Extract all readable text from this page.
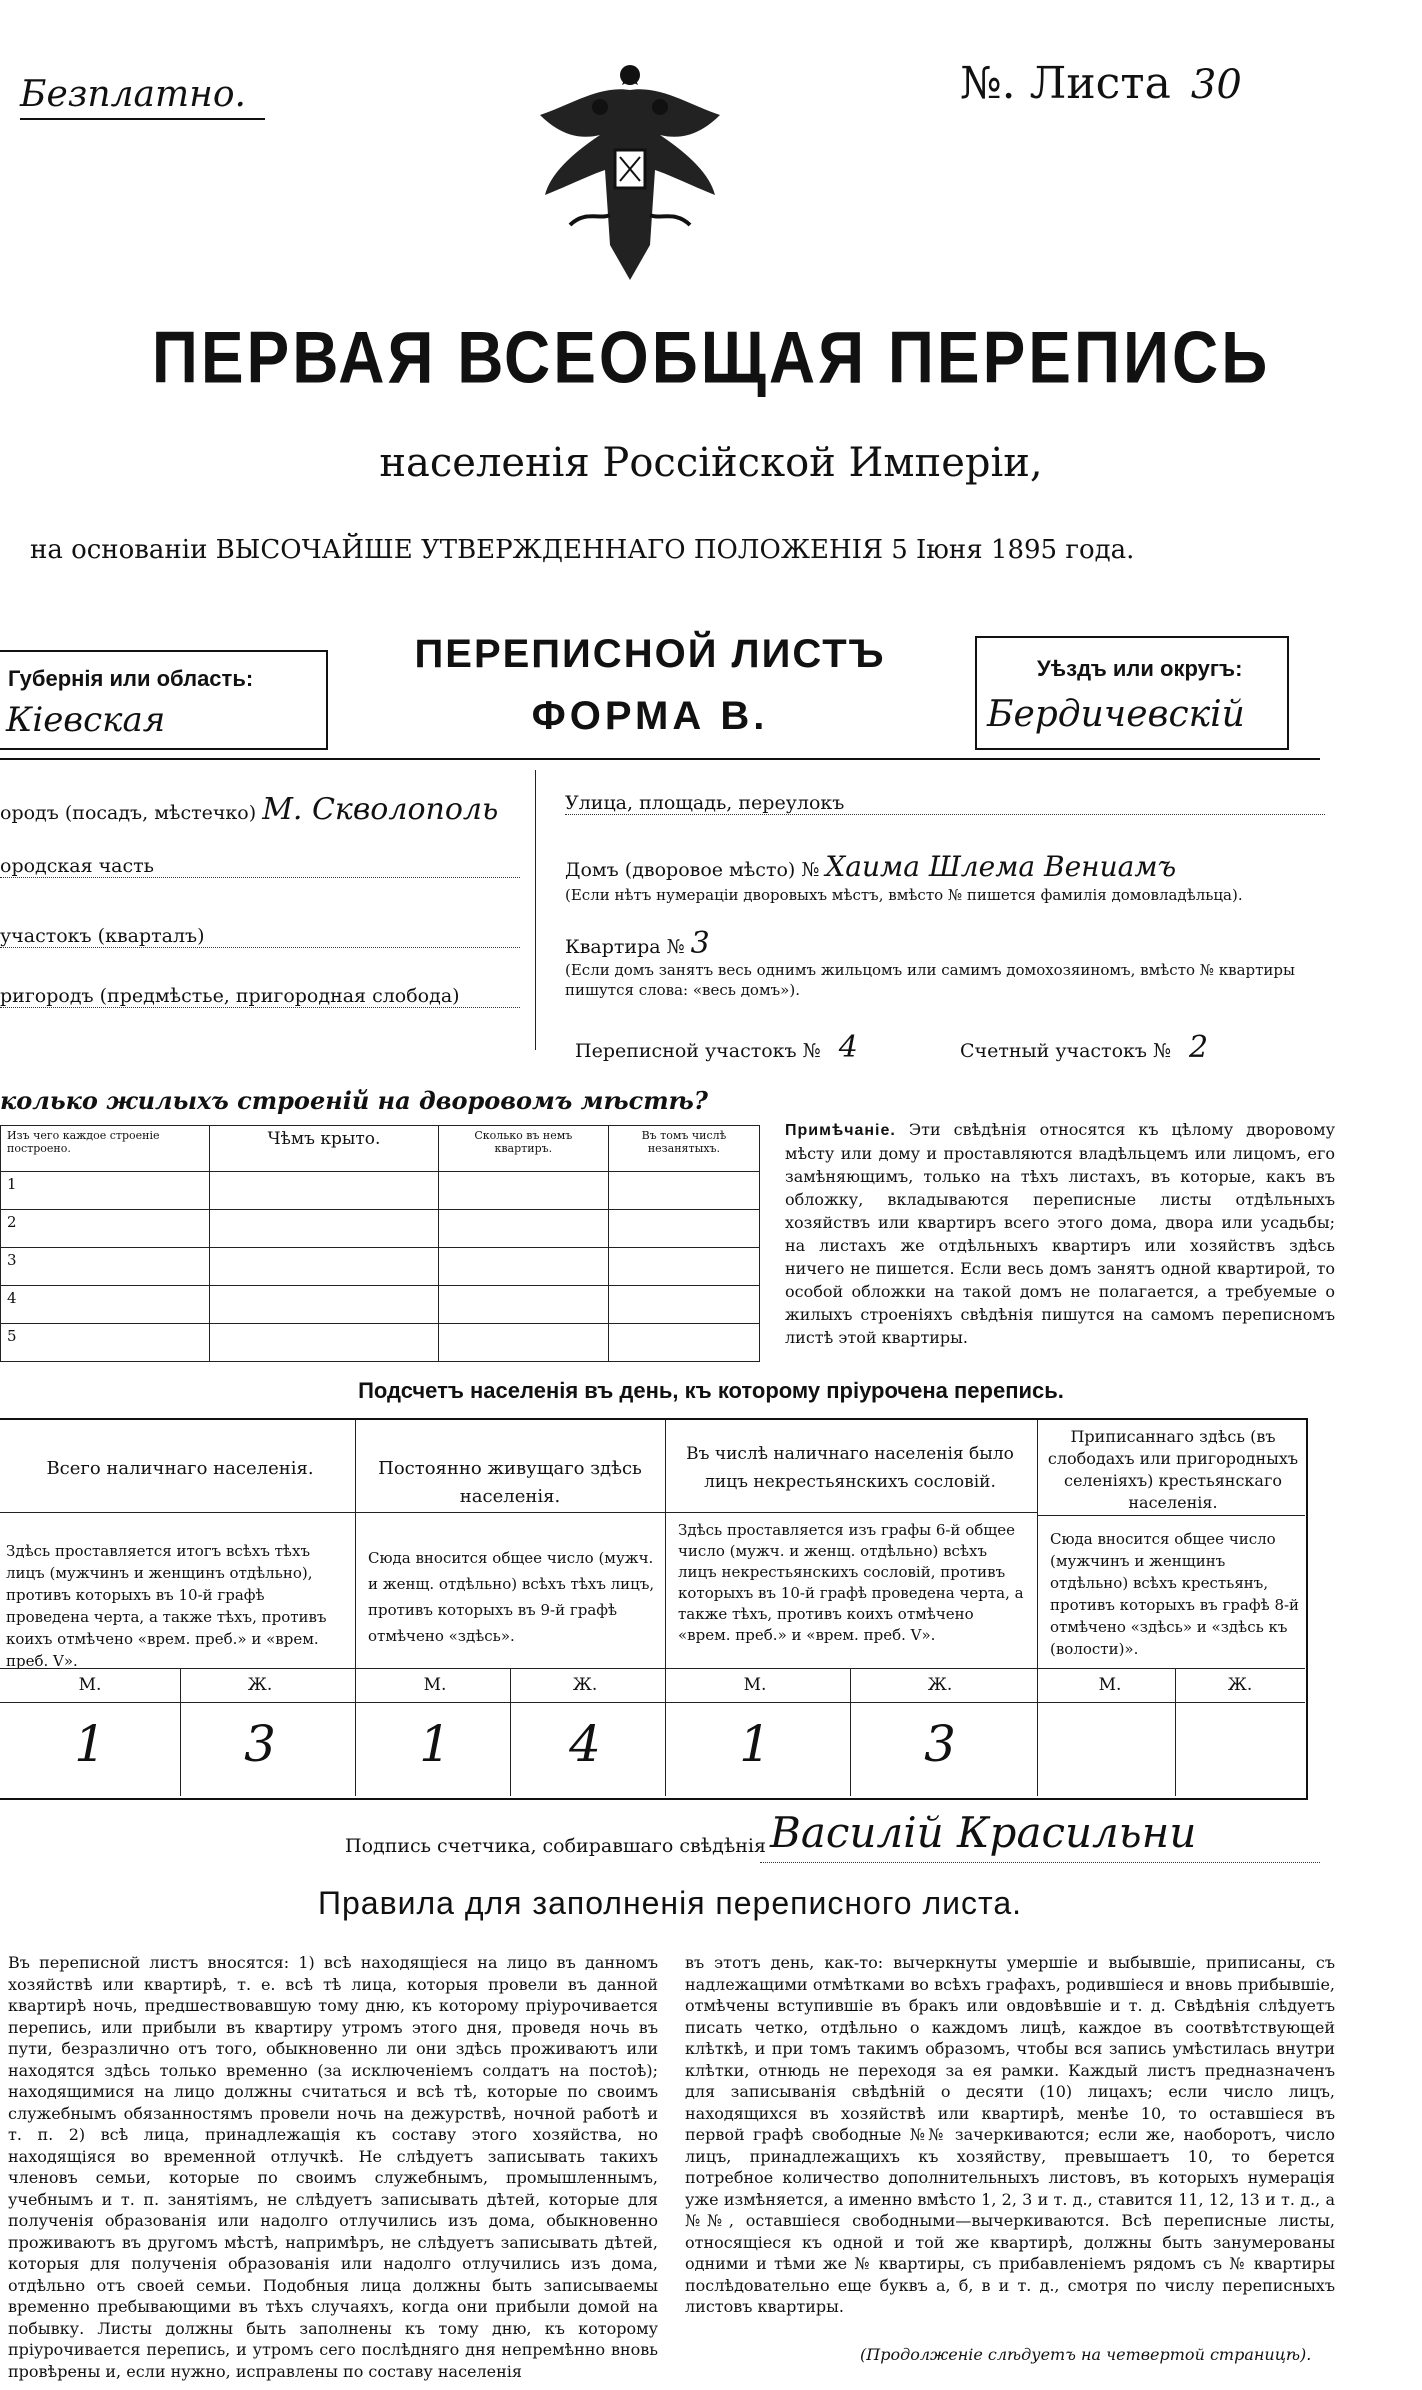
Безплатно.	№. Листа 30
ПЕРВАЯ ВСЕОБЩАЯ ПЕРЕПИСЬ
населенія Россійской Имперіи,
на основаніи ВЫСОЧАЙШЕ УТВЕРЖДЕННАГО ПОЛОЖЕНІЯ 5 Іюня 1895 года.
Губернія или область:
Кіевская
ПЕРЕПИСНОЙ ЛИСТЪ
ФОРМА В.
Уѣздъ или округъ:
Бердичевскій
ородъ (посадъ, мѣстечко) М. Скволополь
ородская часть
участокъ (кварталъ)
ригородъ (предмѣстье, пригородная слобода)
Улица, площадь, переулокъ
Домъ (дворовое мѣсто) № Хаима Шлема Вениамъ
(Если нѣтъ нумераціи дворовыхъ мѣстъ, вмѣсто № пишется фамилія домовладѣльца).
Квартира № 3
(Если домъ занятъ весь однимъ жильцомъ или самимъ домохозяиномъ, вмѣсто № квартиры пишутся слова: «весь домъ»).
Переписной участокъ № 4	Счетный участокъ № 2
колько жилыхъ строеній на дворовомъ мѣстѣ?
Изъ чего каждое строеніе построено.	Чѣмъ крыто.	Сколько въ немъ квартиръ.	Въ томъ числѣ незанятыхъ.
1			
2			
3			
4			
5			
Примѣчаніе. Эти свѣдѣнія относятся къ цѣлому дворовому мѣсту или дому и проставляются владѣльцемъ или лицомъ, его замѣняющимъ, только на тѣхъ листахъ, въ которые, какъ въ обложку, вкладываются переписные листы отдѣльныхъ хозяйствъ или квартиръ всего этого дома, двора или усадьбы; на листахъ же отдѣльныхъ квартиръ или хозяйствъ здѣсь ничего не пишется. Если весь домъ занятъ одной квартирой, то особой обложки на такой домъ не полагается, а требуемые о жилыхъ строеніяхъ свѣдѣнія пишутся на самомъ переписномъ листѣ этой квартиры.
Подсчетъ населенія въ день, къ которому пріурочена перепись.
Всего наличнаго населенія.
Здѣсь проставляется итогъ всѣхъ тѣхъ лицъ (мужчинъ и женщинъ отдѣльно), противъ которыхъ въ 10-й графѣ проведена черта, а также тѣхъ, противъ коихъ отмѣчено «врем. преб.» и «врем. преб. V».
М.	Ж.
1	3
Постоянно живущаго здѣсь населенія.
Сюда вносится общее число (мужч. и женщ. отдѣльно) всѣхъ тѣхъ лицъ, противъ которыхъ въ 9-й графѣ отмѣчено «здѣсь».
М.	Ж.
1	4
Въ числѣ наличнаго населенія было лицъ некрестьянскихъ сословій.
Здѣсь проставляется изъ графы 6-й общее число (мужч. и женщ. отдѣльно) всѣхъ лицъ некрестьянскихъ сословій, противъ которыхъ въ 10-й графѣ проведена черта, а также тѣхъ, противъ коихъ отмѣчено «врем. преб.» и «врем. преб. V».
М.	Ж.
1	3
Приписаннаго здѣсь (въ слободахъ или пригородныхъ селеніяхъ) крестьянскаго населенія.
Сюда вносится общее число (мужчинъ и женщинъ отдѣльно) всѣхъ крестьянъ, противъ которыхъ въ графѣ 8-й отмѣчено «здѣсь» и «здѣсь къ (волости)».
М.	Ж.
Подпись счетчика, собиравшаго свѣдѣнія Василій Красильни
Правила для заполненія переписного листа.
Въ переписной листъ вносятся: 1) всѣ находящіеся на лицо въ данномъ хозяйствѣ или квартирѣ, т. е. всѣ тѣ лица, которыя провели въ данной квартирѣ ночь, предшествовавшую тому дню, къ которому пріурочивается перепись, или прибыли въ квартиру утромъ этого дня, проведя ночь въ пути, безразлично отъ того, обыкновенно ли они здѣсь проживаютъ или находятся здѣсь только временно (за исключеніемъ солдатъ на постоѣ); находящимися на лицо должны считаться и всѣ тѣ, которые по своимъ служебнымъ обязанностямъ провели ночь на дежурствѣ, ночной работѣ и т. п. 2) всѣ лица, принадлежащія къ составу этого хозяйства, но находящіяся во временной отлучкѣ. Не слѣдуетъ записывать такихъ членовъ семьи, которые по своимъ служебнымъ, промышленнымъ, учебнымъ и т. п. занятіямъ, не слѣдуетъ записывать дѣтей, которые для полученія образованія или надолго отлучились изъ дома, обыкновенно проживаютъ въ другомъ мѣстѣ, напримѣръ, не слѣдуетъ записывать дѣтей, которыя для полученія образованія или надолго отлучились изъ дома, отдѣльно отъ своей семьи. Подобныя лица должны быть записываемы временно пребывающими въ тѣхъ случаяхъ, когда они прибыли домой на побывку. Листы должны быть заполнены къ тому дню, къ которому пріурочивается перепись, и утромъ сего послѣдняго дня непремѣнно вновь провѣрены и, если нужно, исправлены по составу населенія
въ этотъ день, как-то: вычеркнуты умершіе и выбывшіе, приписаны, съ надлежащими отмѣтками во всѣхъ графахъ, родившіеся и вновь прибывшіе, отмѣчены вступившіе въ бракъ или овдовѣвшіе и т. д. Свѣдѣнія слѣдуетъ писать четко, отдѣльно о каждомъ лицѣ, каждое въ соотвѣтствующей клѣткѣ, и при томъ такимъ образомъ, чтобы вся запись умѣстилась внутри клѣтки, отнюдь не переходя за ея рамки. Каждый листъ предназначенъ для записыванія свѣдѣній о десяти (10) лицахъ; если число лицъ, находящихся въ хозяйствѣ или квартирѣ, менѣе 10, то оставшіеся въ первой графѣ свободные №№ зачеркиваются; если же, наоборотъ, число лицъ, принадлежащихъ къ хозяйству, превышаетъ 10, то берется потребное количество дополнительныхъ листовъ, въ которыхъ нумерація уже измѣняется, а именно вмѣсто 1, 2, 3 и т. д., ставится 11, 12, 13 и т. д., а №№, оставшіеся свободными—вычеркиваются. Всѣ переписные листы, относящіеся къ одной и той же квартирѣ, должны быть занумерованы одними и тѣми же № квартиры, съ прибавленіемъ рядомъ съ № квартиры послѣдовательно еще буквъ а, б, в и т. д., смотря по числу переписныхъ листовъ квартиры.
(Продолженіе слѣдуетъ на четвертой страницѣ).
